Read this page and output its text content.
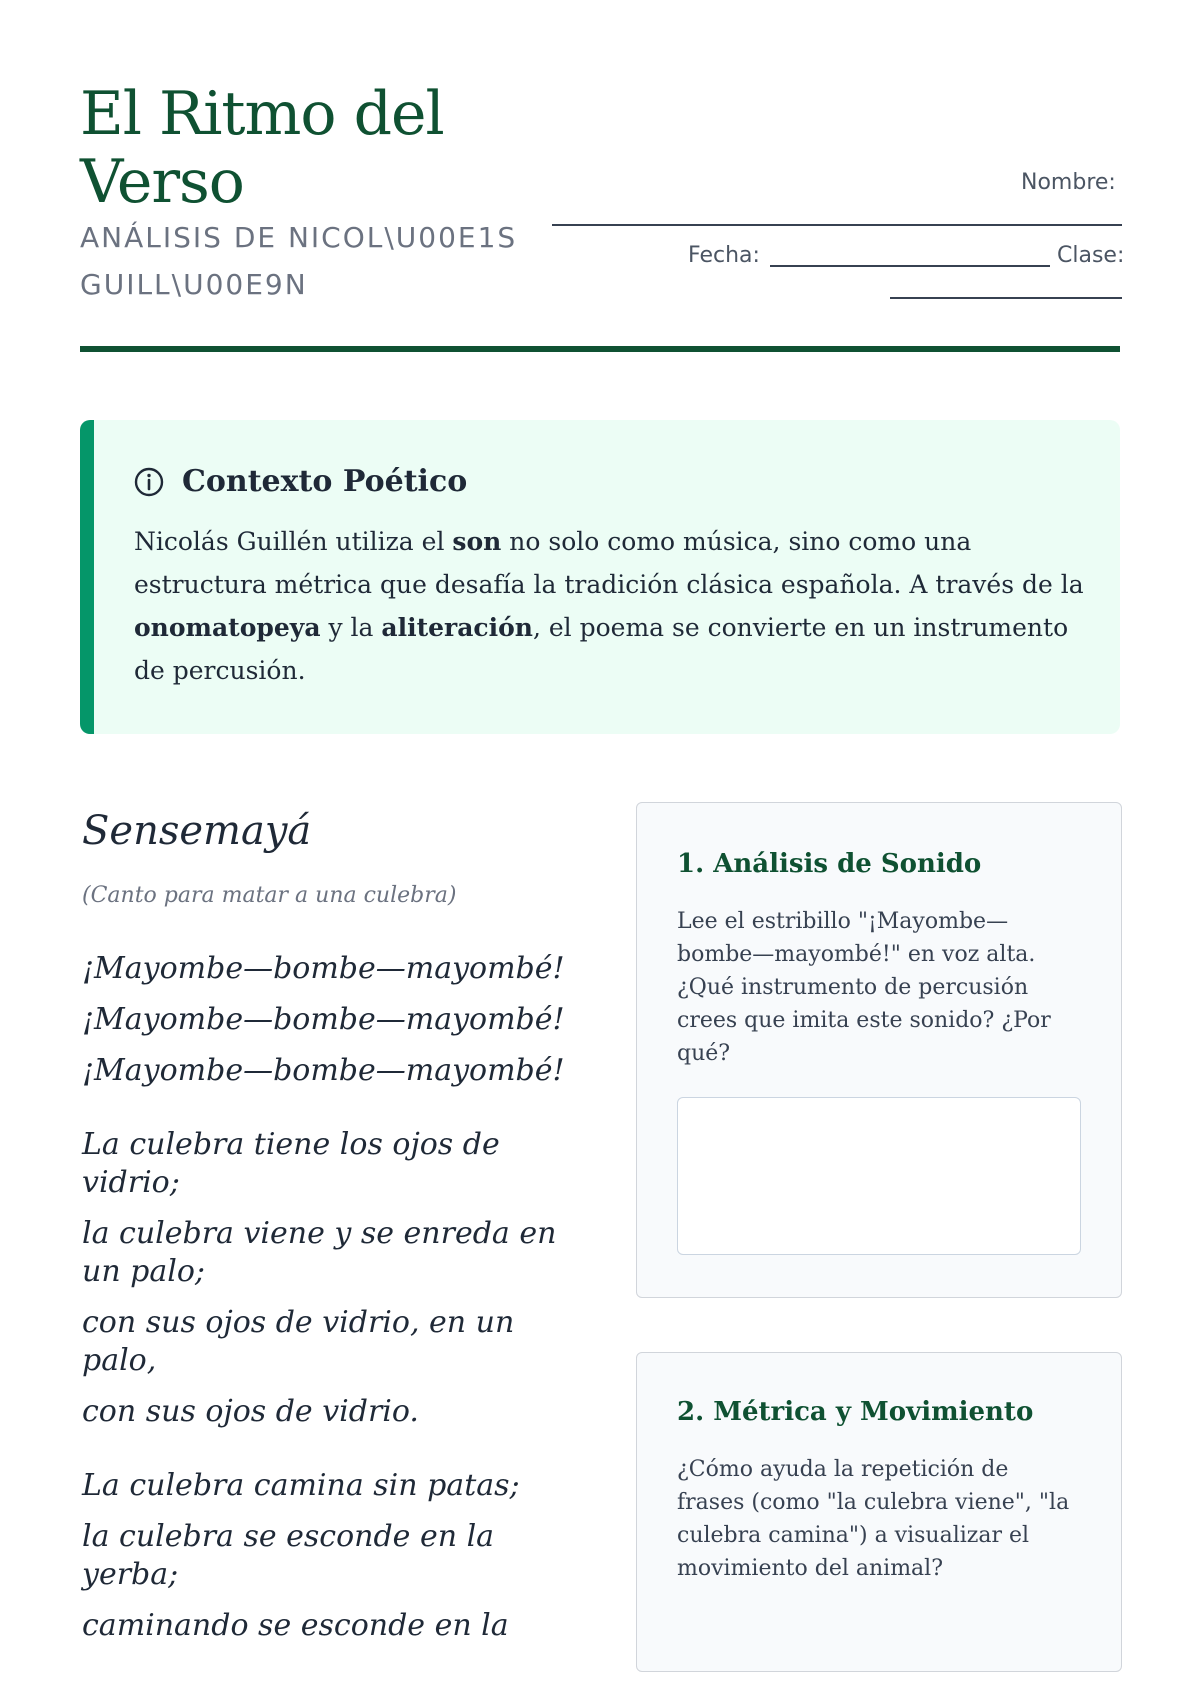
El Ritmo del
Verso
ANÁLISIS DE NICOL\U00E1S
GUILL\U00E9N
Nombre:
Fecha:	Clase:
Contexto Poético

Nicolás Guillén utiliza el son no solo como música, sino como una estructura métrica que desafía la tradición clásica española. A través de la onomatopeya y la aliteración, el poema se convierte en un instrumento de percusión.

Sensemayá
(Canto para matar a una culebra)
¡Mayombe—bombe—mayombé!
¡Mayombe—bombe—mayombé!
¡Mayombe—bombe—mayombé!
La culebra tiene los ojos de vidrio;
la culebra viene y se enreda en un palo;
con sus ojos de vidrio, en un palo,
con sus ojos de vidrio.
La culebra camina sin patas;
la culebra se esconde en la yerba;
caminando se esconde en la
1. Análisis de Sonido

Lee el estribillo "¡Mayombe—bombe—mayombé!" en voz alta. ¿Qué instrumento de percusión crees que imita este sonido? ¿Por qué?

2. Métrica y Movimiento

¿Cómo ayuda la repetición de frases (como "la culebra viene", "la culebra camina") a visualizar el movimiento del animal?
